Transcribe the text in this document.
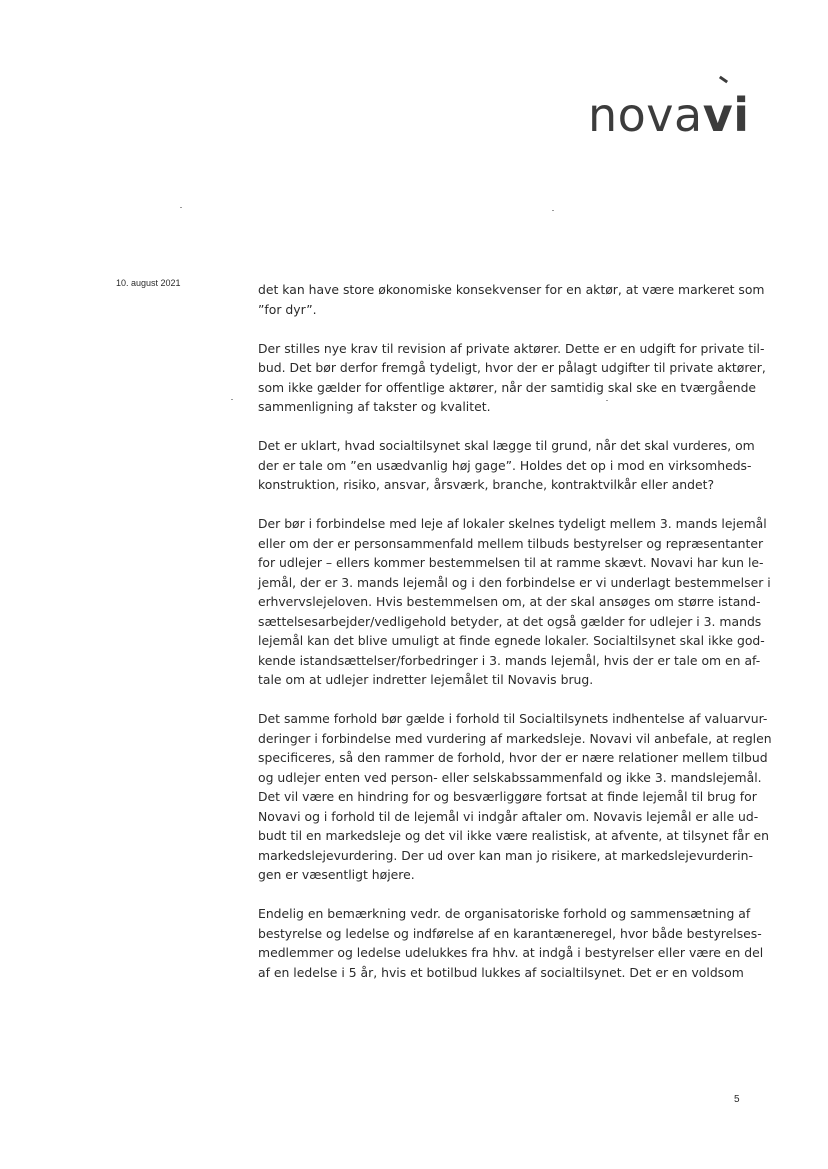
nova
vi
10. august 2021	det kan have store økonomiske konsekvenser for en aktør, at være markeret som
”for dyr”.

Der stilles nye krav til revision af private aktører. Dette er en udgift for private til-
bud. Det bør derfor fremgå tydeligt, hvor der er pålagt udgifter til private aktører,
som ikke gælder for offentlige aktører, når der samtidig skal ske en tværgående
sammenligning af takster og kvalitet.

Det er uklart, hvad socialtilsynet skal lægge til grund, når det skal vurderes, om
der er tale om ”en usædvanlig høj gage”. Holdes det op i mod en virksomheds-
konstruktion, risiko, ansvar, årsværk, branche, kontraktvilkår eller andet?

Der bør i forbindelse med leje af lokaler skelnes tydeligt mellem 3. mands lejemål
eller om der er personsammenfald mellem tilbuds bestyrelser og repræsentanter
for udlejer – ellers kommer bestemmelsen til at ramme skævt. Novavi har kun le-
jemål, der er 3. mands lejemål og i den forbindelse er vi underlagt bestemmelser i
erhvervslejeloven. Hvis bestemmelsen om, at der skal ansøges om større istand-
sættelsesarbejder/vedligehold betyder, at det også gælder for udlejer i 3. mands
lejemål kan det blive umuligt at finde egnede lokaler. Socialtilsynet skal ikke god-
kende istandsættelser/forbedringer i 3. mands lejemål, hvis der er tale om en af-
tale om at udlejer indretter lejemålet til Novavis brug.

Det samme forhold bør gælde i forhold til Socialtilsynets indhentelse af valuarvur-
deringer i forbindelse med vurdering af markedsleje. Novavi vil anbefale, at reglen
specificeres, så den rammer de forhold, hvor der er nære relationer mellem tilbud
og udlejer enten ved person- eller selskabssammenfald og ikke 3. mandslejemål.
Det vil være en hindring for og besværliggøre fortsat at finde lejemål til brug for
Novavi og i forhold til de lejemål vi indgår aftaler om. Novavis lejemål er alle ud-
budt til en markedsleje og det vil ikke være realistisk, at afvente, at tilsynet får en
markedslejevurdering. Der ud over kan man jo risikere, at markedslejevurderin-
gen er væsentligt højere.

Endelig en bemærkning vedr. de organisatoriske forhold og sammensætning af
bestyrelse og ledelse og indførelse af en karantæneregel, hvor både bestyrelses-
medlemmer og ledelse udelukkes fra hhv. at indgå i bestyrelser eller være en del
af en ledelse i 5 år, hvis et botilbud lukkes af socialtilsynet. Det er en voldsom

5
